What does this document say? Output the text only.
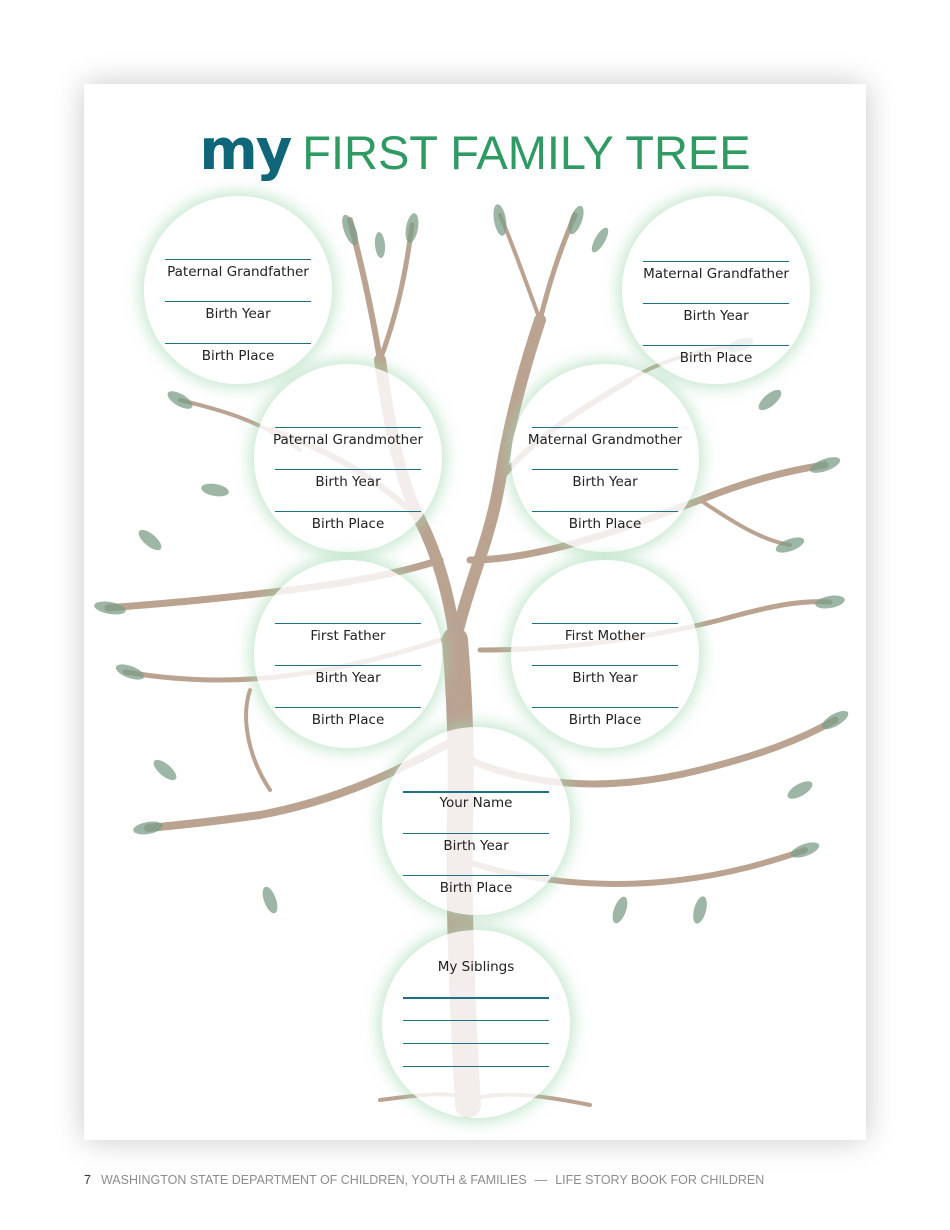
my FIRST FAMILY TREE
Paternal Grandfather
Birth Year
Birth Place
Maternal Grandfather
Birth Year
Birth Place
Paternal Grandmother
Birth Year
Birth Place
Maternal Grandmother
Birth Year
Birth Place
First Father
Birth Year
Birth Place
First Mother
Birth Year
Birth Place
Your Name
Birth Year
Birth Place
My Siblings
7 WASHINGTON STATE DEPARTMENT OF CHILDREN, YOUTH & FAMILIES — LIFE STORY BOOK FOR CHILDREN
